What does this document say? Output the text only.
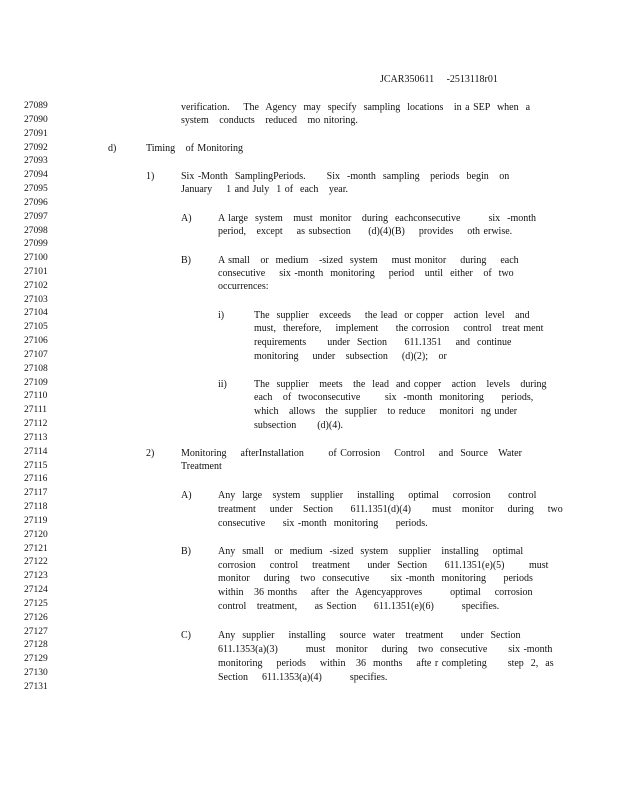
JCAR350611     -2513118r01
27089
27090
27091
27092
27093
27094
27095
27096
27097
27098
27099
27100
27101
27102
27103
27104
27105
27106
27107
27108
27109
27110
27111
27112
27113
27114
27115
27116
27117
27118
27119
27120
27121
27122
27123
27124
27125
27126
27127
27128
27129
27130
27131
verification.    The  Agency  may  specify  sampling  locations   in a SEP  when  a
system   conducts   reduced   mo nitoring.
d)	Timing   of Monitoring
1)	Six -Month  SamplingPeriods.      Six  -month  sampling   periods  begin   on
January    1 and July  1 of  each   year.
A)	A large  system   must  monitor   during  eachconsecutive        six  -month
period,   except    as subsection     (d)(4)(B)    provides    oth erwise.
B)	A small   or  medium   -sized  system    must monitor    during    each
consecutive    six -month  monitoring    period   until  either   of  two
occurrences:
i)	The  supplier   exceeds    the lead  or copper   action  level   and
must,  therefore,    implement     the corrosion    control   treat ment
requirements      under  Section     611.1351    and  continue
monitoring    under   subsection    (d)(2);   or
ii)	The  supplier   meets   the  lead  and copper   action   levels   during
each   of  twoconsecutive       six  -month  monitoring     periods,
which   allows   the  supplier   to reduce    monitori  ng under
subsection      (d)(4).
2)	Monitoring    afterInstallation       of Corrosion    Control    and  Source   Water
Treatment
A)	Any  large   system   supplier    installing    optimal    corrosion     control
treatment    under   Section     611.1351(d)(4)      must   monitor    during    two
consecutive     six -month  monitoring     periods.
B)	Any  small   or  medium  -sized  system   supplier   installing    optimal
corrosion    control    treatment     under  Section     611.1351(e)(5)       must
monitor    during   two  consecutive      six -month  monitoring     periods
within   36 months    after  the  Agencyapproves        optimal    corrosion
control   treatment,     as Section     611.1351(e)(6)        specifies.
C)	Any  supplier    installing    source  water   treatment     under  Section
611.1353(a)(3)        must   monitor    during   two  consecutive      six -month
monitoring    periods    within   36  months    afte r completing      step  2,  as
Section    611.1353(a)(4)        specifies.
